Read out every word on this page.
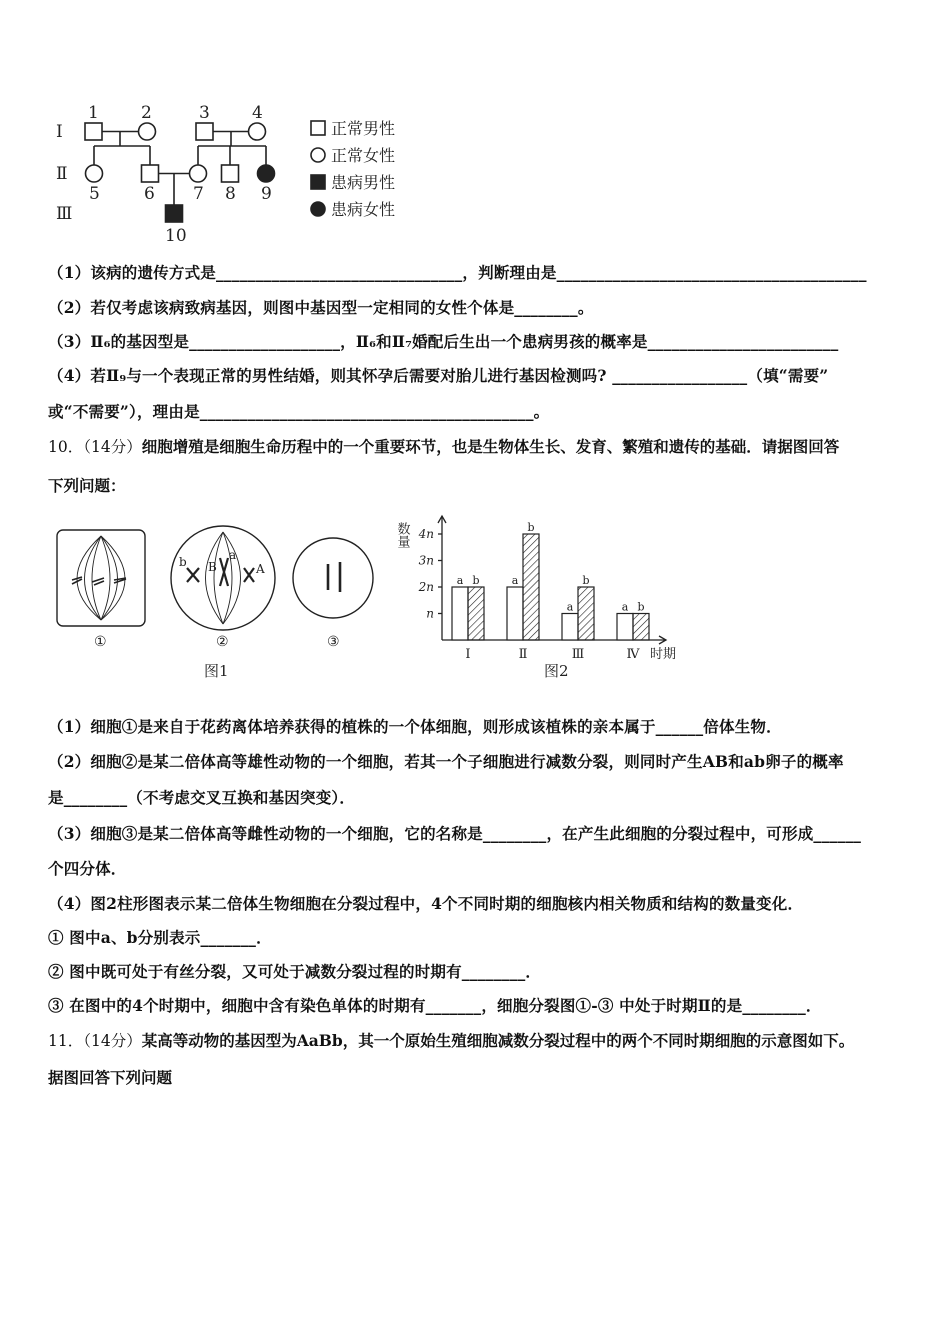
Ⅰ
Ⅱ
Ⅲ
1 2	3 4
5	6 7 8 9
10
正常男性
正常女性
患病男性
患病女性
（1）该病的遗传方式是_______________________________，判断理由是_______________________________________
（2）若仅考虑该病致病基因，则图中基因型一定相同的女性个体是________。
（3）Ⅱ₆的基因型是___________________，Ⅱ₆和Ⅱ₇婚配后生出一个患病男孩的概率是________________________
（4）若Ⅱ₉与一个表现正常的男性结婚，则其怀孕后需要对胎儿进行基因检测吗? _________________（填“需要”
或“不需要”），理由是__________________________________________。
10．（14分）细胞增殖是细胞生命历程中的一个重要环节，也是生物体生长、发育、繁殖和遗传的基础．请据图回答
下列问题：
b B
a
A
①	②	③
图1
n
2n
3n
4n
a b
Ⅰ
a
b
Ⅱ
a
b
Ⅲ
a b
Ⅳ
数量
时期
图2
（1）细胞①是来自于花药离体培养获得的植株的一个体细胞，则形成该植株的亲本属于______倍体生物．
（2）细胞②是某二倍体高等雄性动物的一个细胞，若其一个子细胞进行减数分裂，则同时产生AB和ab卵子的概率
是________（不考虑交叉互换和基因突变）．
（3）细胞③是某二倍体高等雌性动物的一个细胞，它的名称是________，在产生此细胞的分裂过程中，可形成______
个四分体．
（4）图2柱形图表示某二倍体生物细胞在分裂过程中，4个不同时期的细胞核内相关物质和结构的数量变化．
① 图中a、b分别表示_______．
② 图中既可处于有丝分裂，又可处于减数分裂过程的时期有________．
③ 在图中的4个时期中，细胞中含有染色单体的时期有_______，细胞分裂图①-③ 中处于时期Ⅱ的是________．
11．（14分）某高等动物的基因型为AaBb，其一个原始生殖细胞减数分裂过程中的两个不同时期细胞的示意图如下。
据图回答下列问题
